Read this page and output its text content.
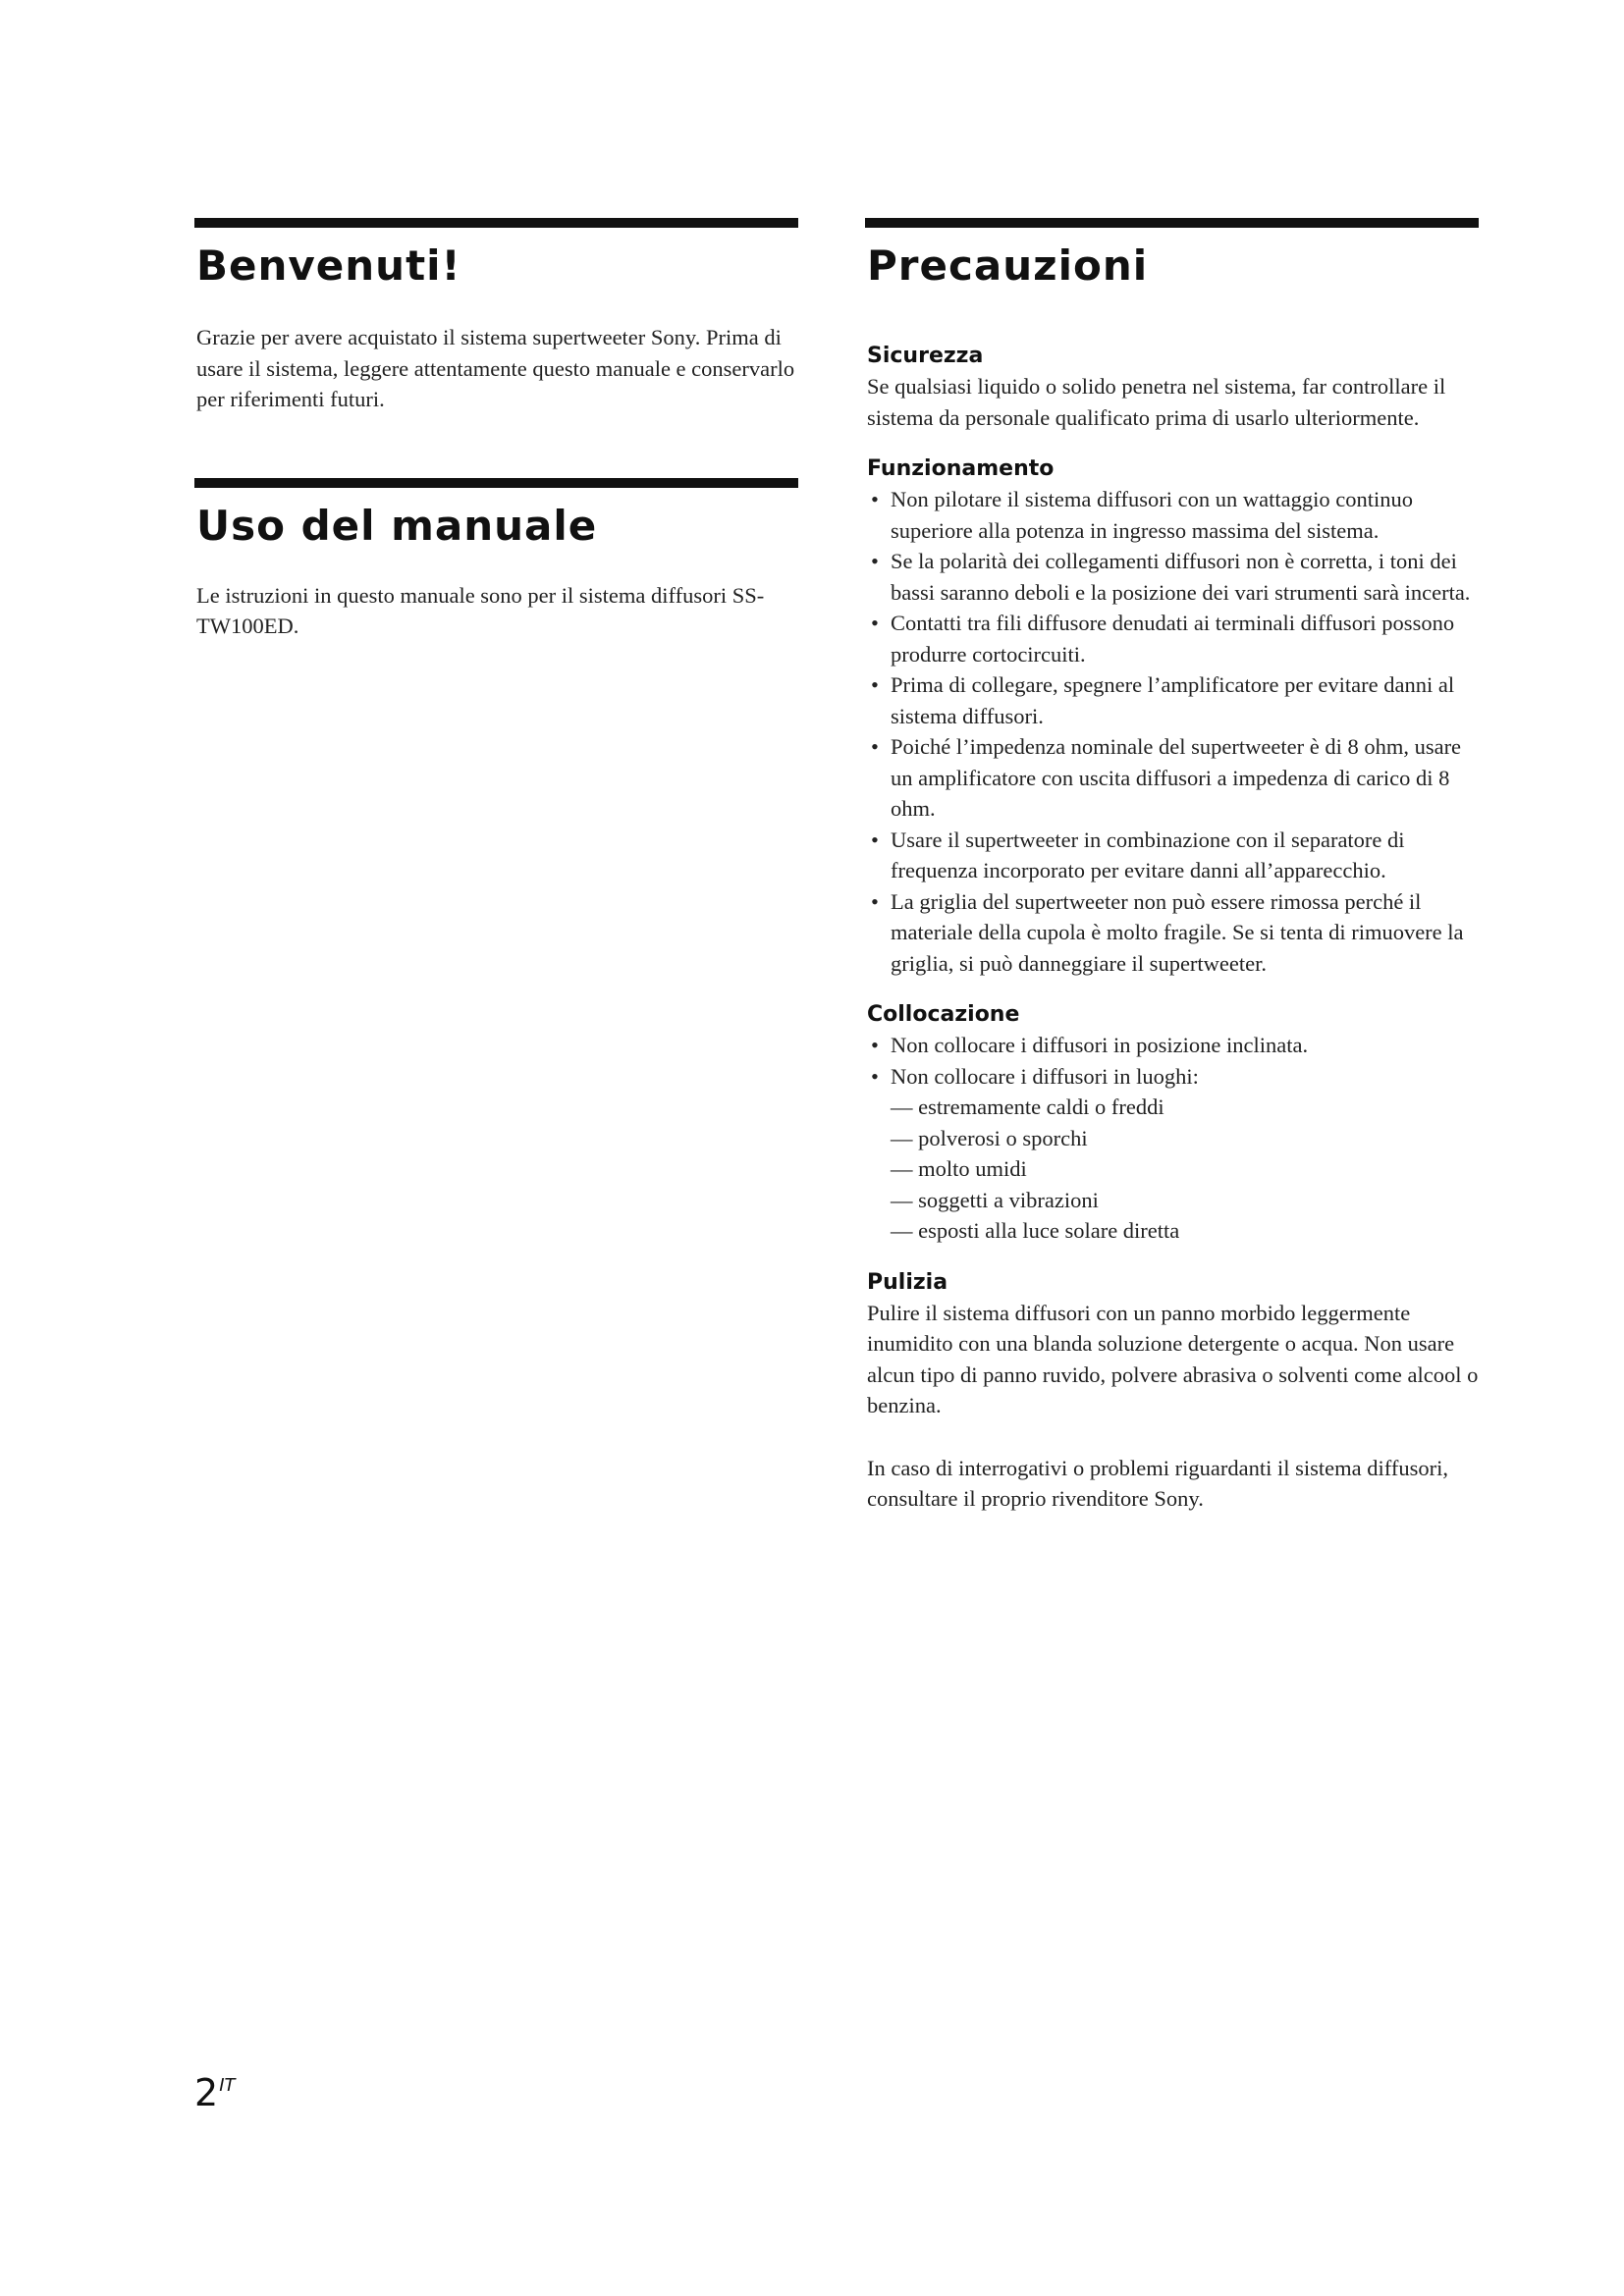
Benvenuti!

Grazie per avere acquistato il sistema supertweeter Sony. Prima di usare il sistema, leggere attentamente questo manuale e conservarlo per riferimenti futuri.

Uso del manuale

Le istruzioni in questo manuale sono per il sistema diffusori SS-TW100ED.

Precauzioni
Sicurezza

Se qualsiasi liquido o solido penetra nel sistema, far controllare il sistema da personale qualificato prima di usarlo ulteriormente.

Funzionamento
• Non pilotare il sistema diffusori con un wattaggio continuo superiore alla potenza in ingresso massima del sistema.
• Se la polarità dei collegamenti diffusori non è corretta, i toni dei bassi saranno deboli e la posizione dei vari strumenti sarà incerta.
• Contatti tra fili diffusore denudati ai terminali diffusori possono produrre cortocircuiti.
• Prima di collegare, spegnere l’amplificatore per evitare danni al sistema diffusori.
• Poiché l’impedenza nominale del supertweeter è di 8 ohm, usare un amplificatore con uscita diffusori a impedenza di carico di 8 ohm.
• Usare il supertweeter in combinazione con il separatore di frequenza incorporato per evitare danni all’apparecchio.
• La griglia del supertweeter non può essere rimossa perché il materiale della cupola è molto fragile. Se si tenta di rimuovere la griglia, si può danneggiare il supertweeter.
Collocazione
• Non collocare i diffusori in posizione inclinata.
• Non collocare i diffusori in luoghi:
— estremamente caldi o freddi
— polverosi o sporchi
— molto umidi
— soggetti a vibrazioni
— esposti alla luce solare diretta
Pulizia

Pulire il sistema diffusori con un panno morbido leggermente inumidito con una blanda soluzione detergente o acqua. Non usare alcun tipo di panno ruvido, polvere abrasiva o solventi come alcool o benzina.

In caso di interrogativi o problemi riguardanti il sistema diffusori, consultare il proprio rivenditore Sony.

$2^{IT}$
